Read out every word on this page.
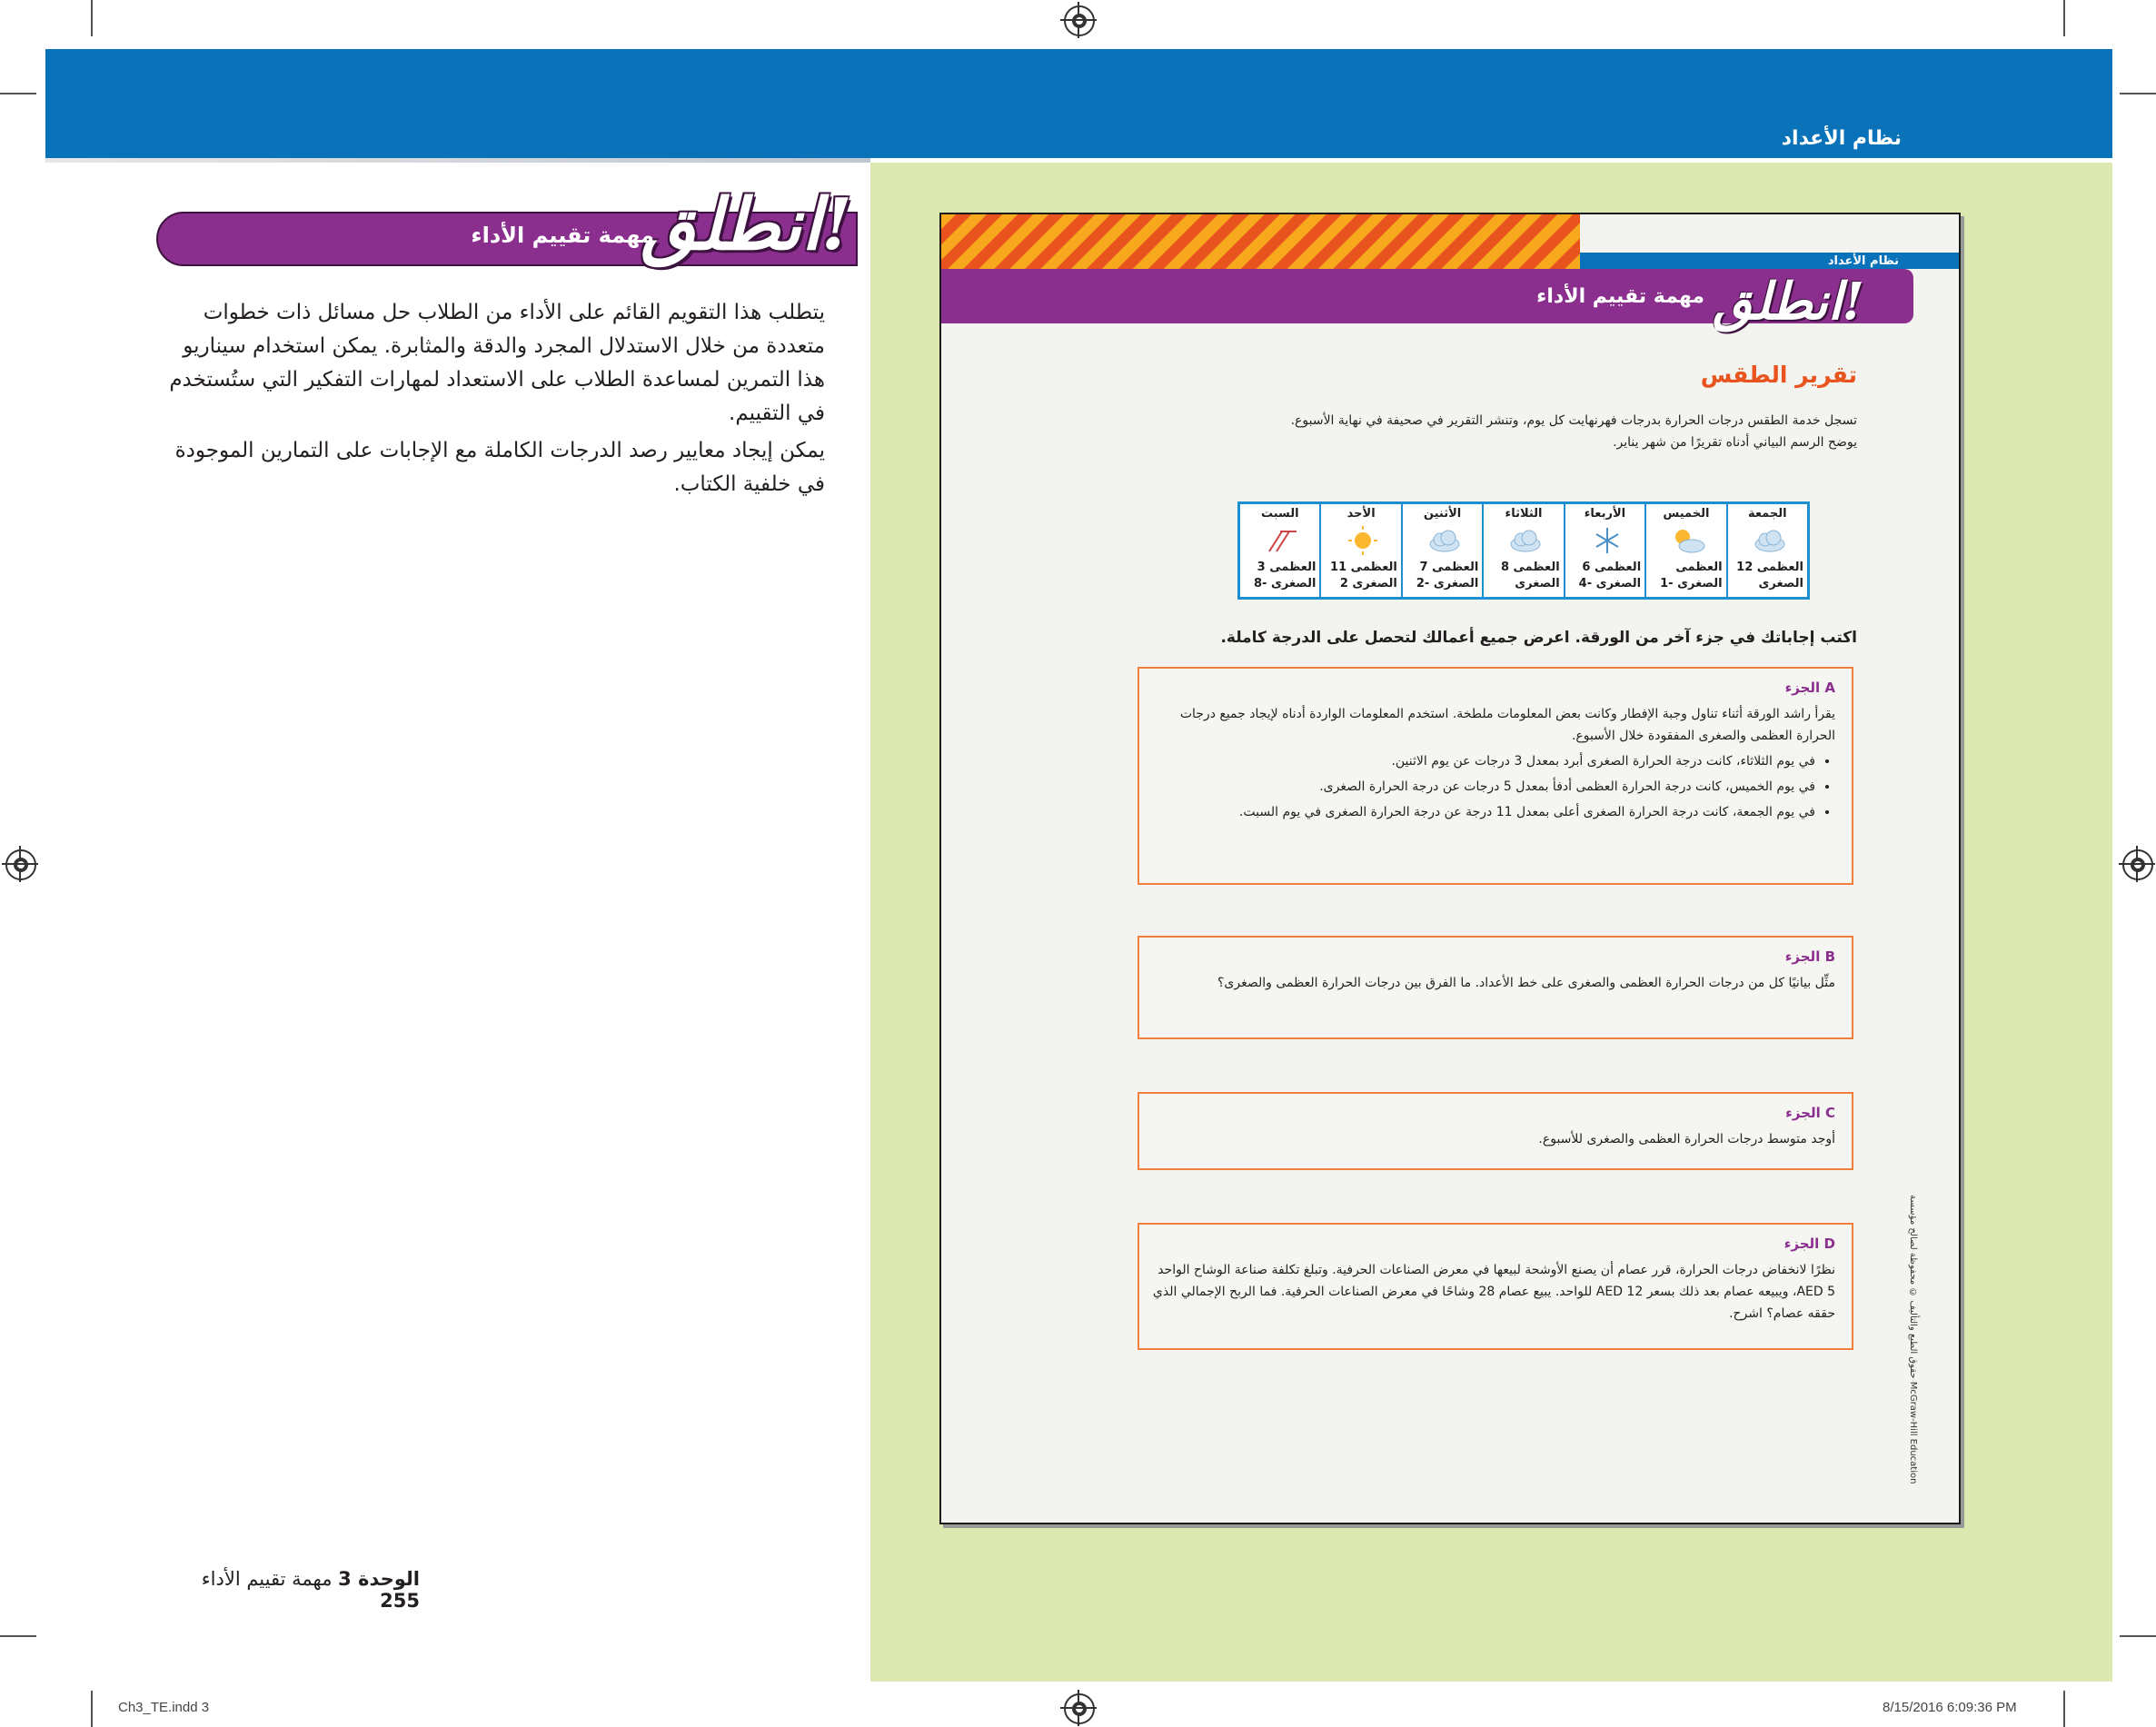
نظام الأعداد
انطلق!
مهمة تقييم الأداء
يتطلب هذا التقويم القائم على الأداء من الطلاب حل مسائل ذات خطوات متعددة من خلال الاستدلال المجرد والدقة والمثابرة. يمكن استخدام سيناريو هذا التمرين لمساعدة الطلاب على الاستعداد لمهارات التفكير التي ستُستخدم في التقييم.
يمكن إيجاد معايير رصد الدرجات الكاملة مع الإجابات على التمارين الموجودة في خلفية الكتاب.
الوحدة 3 مهمة تقييم الأداء 255
Ch3_TE.indd 3	8/15/2016 6:09:36 PM
نظام الأعداد
انطلق!
مهمة تقييم الأداء
تقرير الطقس
تسجل خدمة الطقس درجات الحرارة بدرجات فهرنهايت كل يوم، وتنشر التقرير في صحيفة في نهاية الأسبوع.
يوضح الرسم البياني أدناه تقريرًا من شهر يناير.
الجمعة
العظمى 12
الصغرى
الخميس
العظمى
الصغرى -1
الأربعاء
العظمى 6
الصغرى -4
الثلاثاء
العظمى 8
الصغرى
الأثنين
العظمى 7
الصغرى -2
الأحد
العظمى 11
الصغرى 2
السبت
العظمى 3
الصغرى -8
اكتب إجاباتك في جزء آخر من الورقة. اعرض جميع أعمالك لتحصل على الدرجة كاملة.
الجزء A
يقرأ راشد الورقة أثناء تناول وجبة الإفطار وكانت بعض المعلومات ملطخة. استخدم المعلومات الواردة أدناه لإيجاد جميع درجات الحرارة العظمى والصغرى المفقودة خلال الأسبوع.
• في يوم الثلاثاء، كانت درجة الحرارة الصغرى أبرد بمعدل 3 درجات عن يوم الاثنين.
• في يوم الخميس، كانت درجة الحرارة العظمى أدفأ بمعدل 5 درجات عن درجة الحرارة الصغرى.
• في يوم الجمعة، كانت درجة الحرارة الصغرى أعلى بمعدل 11 درجة عن درجة الحرارة الصغرى في يوم السبت.
الجزء B
مثِّل بيانيًا كل من درجات الحرارة العظمى والصغرى على خط الأعداد. ما الفرق بين درجات الحرارة العظمى والصغرى؟
الجزء C
أوجد متوسط درجات الحرارة العظمى والصغرى للأسبوع.
الجزء D
نظرًا لانخفاض درجات الحرارة، قرر عصام أن يصنع الأوشحة لبيعها في معرض الصناعات الحرفية. وتبلغ تكلفة صناعة الوشاح الواحد AED 5، ويبيعه عصام بعد ذلك بسعر AED 12 للواحد. يبيع عصام 28 وشاحًا في معرض الصناعات الحرفية. فما الربح الإجمالي الذي حققه عصام؟ اشرح.	حقوق الطبع والتأليف © محفوظة لصالح مؤسسة McGraw-Hill Education
